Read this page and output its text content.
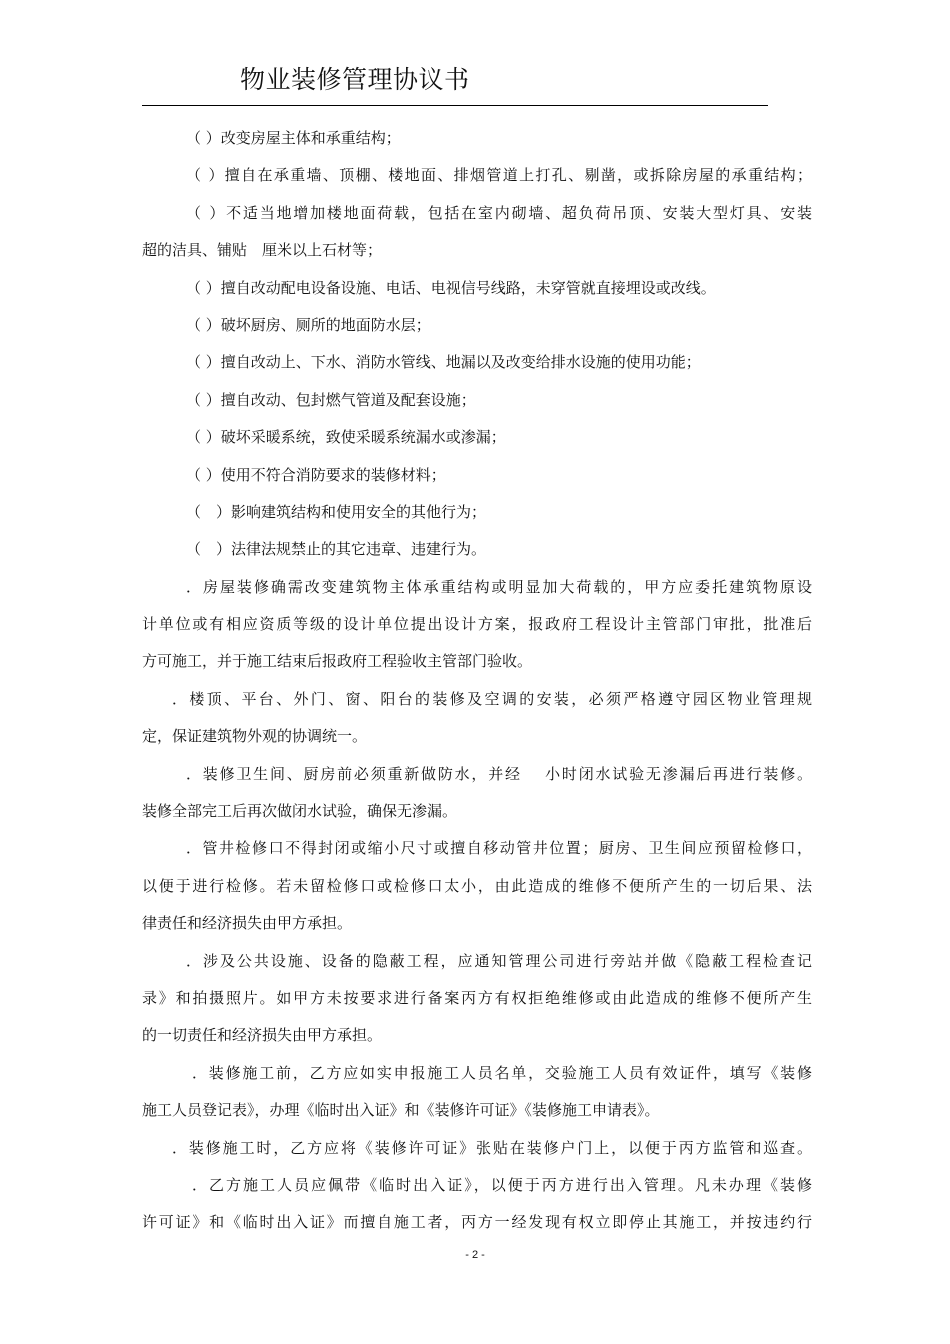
物业装修管理协议书
（ ）改变房屋主体和承重结构；
（ ）擅自在承重墙、顶棚、楼地面、排烟管道上打孔、剔凿，或拆除房屋的承重结构；
（ ）不适当地增加楼地面荷载，包括在室内砌墙、超负荷吊顶、安装大型灯具、安装
超的洁具、铺贴　厘米以上石材等；
（ ）擅自改动配电设备设施、电话、电视信号线路，未穿管就直接埋设或改线。
（ ）破坏厨房、厕所的地面防水层；
（ ）擅自改动上、下水、消防水管线、地漏以及改变给排水设施的使用功能；
（ ）擅自改动、包封燃气管道及配套设施；
（ ）破坏采暖系统，致使采暖系统漏水或渗漏；
（ ）使用不符合消防要求的装修材料；
（　）影响建筑结构和使用安全的其他行为；
（　）法律法规禁止的其它违章、违建行为。
．房屋装修确需改变建筑物主体承重结构或明显加大荷载的，甲方应委托建筑物原设
计单位或有相应资质等级的设计单位提出设计方案，报政府工程设计主管部门审批，批准后
方可施工，并于施工结束后报政府工程验收主管部门验收。
．楼顶、平台、外门、窗、阳台的装修及空调的安装，必须严格遵守园区物业管理规
定，保证建筑物外观的协调统一。
．装修卫生间、厨房前必须重新做防水，并经　 小时闭水试验无渗漏后再进行装修。
装修全部完工后再次做闭水试验，确保无渗漏。
．管井检修口不得封闭或缩小尺寸或擅自移动管井位置；厨房、卫生间应预留检修口，
以便于进行检修。若未留检修口或检修口太小，由此造成的维修不便所产生的一切后果、法
律责任和经济损失由甲方承担。
．涉及公共设施、设备的隐蔽工程，应通知管理公司进行旁站并做《隐蔽工程检查记
录》和拍摄照片。如甲方未按要求进行备案丙方有权拒绝维修或由此造成的维修不便所产生
的一切责任和经济损失由甲方承担。
．装修施工前，乙方应如实申报施工人员名单，交验施工人员有效证件，填写《装修
施工人员登记表》，办理《临时出入证》和《装修许可证》《装修施工申请表》。
．装修施工时，乙方应将《装修许可证》张贴在装修户门上，以便于丙方监管和巡查。
．乙方施工人员应佩带《临时出入证》，以便于丙方进行出入管理。凡未办理《装修
许可证》和《临时出入证》而擅自施工者，丙方一经发现有权立即停止其施工，并按违约行
- 2 -
